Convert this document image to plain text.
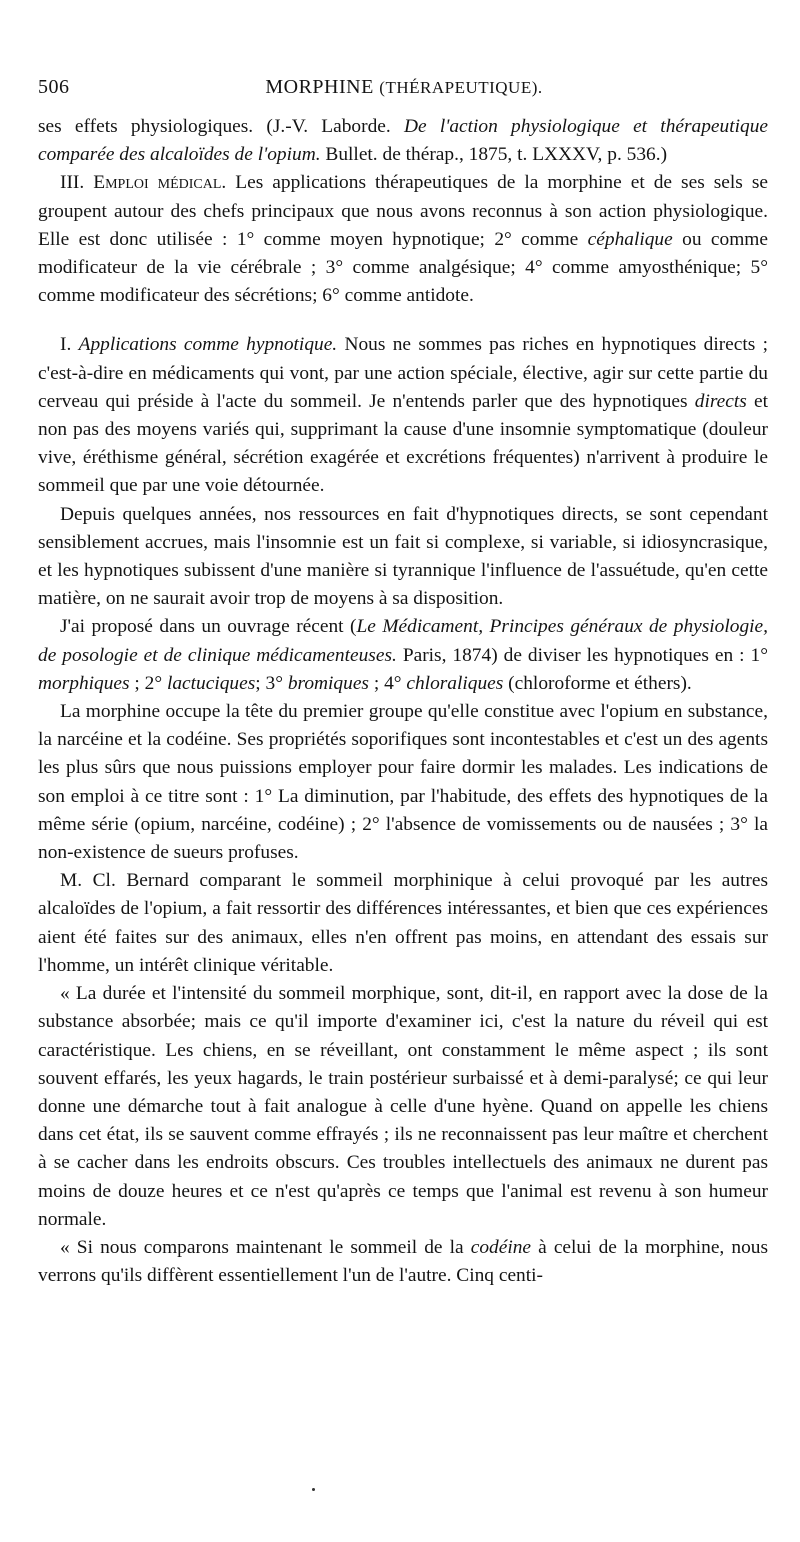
506	MORPHINE (THÉRAPEUTIQUE).

ses effets physiologiques. (J.-V. Laborde. De l'action physiologique et thérapeutique comparée des alcaloïdes de l'opium. Bullet. de thérap., 1875, t. LXXXV, p. 536.)

III. Emploi médical. Les applications thérapeutiques de la morphine et de ses sels se groupent autour des chefs principaux que nous avons reconnus à son action physiologique. Elle est donc utilisée : 1° comme moyen hypnotique; 2° comme céphalique ou comme modificateur de la vie cérébrale ; 3° comme analgésique; 4° comme amyosthénique; 5° comme modificateur des sécrétions; 6° comme antidote.

I. Applications comme hypnotique. Nous ne sommes pas riches en hypnotiques directs ; c'est-à-dire en médicaments qui vont, par une action spéciale, élective, agir sur cette partie du cerveau qui préside à l'acte du sommeil. Je n'entends parler que des hypnotiques directs et non pas des moyens variés qui, supprimant la cause d'une insomnie symptomatique (douleur vive, éréthisme général, sécrétion exagérée et excrétions fréquentes) n'arrivent à produire le sommeil que par une voie détournée.

Depuis quelques années, nos ressources en fait d'hypnotiques directs, se sont cependant sensiblement accrues, mais l'insomnie est un fait si complexe, si variable, si idiosyncrasique, et les hypnotiques subissent d'une manière si tyrannique l'influence de l'assuétude, qu'en cette matière, on ne saurait avoir trop de moyens à sa disposition.

J'ai proposé dans un ouvrage récent (Le Médicament, Principes généraux de physiologie, de posologie et de clinique médicamenteuses. Paris, 1874) de diviser les hypnotiques en : 1° morphiques ; 2° lactuciques; 3° bromiques ; 4° chloraliques (chloroforme et éthers).

La morphine occupe la tête du premier groupe qu'elle constitue avec l'opium en substance, la narcéine et la codéine. Ses propriétés soporifiques sont incontestables et c'est un des agents les plus sûrs que nous puissions employer pour faire dormir les malades. Les indications de son emploi à ce titre sont : 1° La diminution, par l'habitude, des effets des hypnotiques de la même série (opium, narcéine, codéine) ; 2° l'absence de vomissements ou de nausées ; 3° la non-existence de sueurs profuses.

M. Cl. Bernard comparant le sommeil morphinique à celui provoqué par les autres alcaloïdes de l'opium, a fait ressortir des différences intéressantes, et bien que ces expériences aient été faites sur des animaux, elles n'en offrent pas moins, en attendant des essais sur l'homme, un intérêt clinique véritable.

« La durée et l'intensité du sommeil morphique, sont, dit-il, en rapport avec la dose de la substance absorbée; mais ce qu'il importe d'examiner ici, c'est la nature du réveil qui est caractéristique. Les chiens, en se réveillant, ont constamment le même aspect ; ils sont souvent effarés, les yeux hagards, le train postérieur surbaissé et à demi-paralysé; ce qui leur donne une démarche tout à fait analogue à celle d'une hyène. Quand on appelle les chiens dans cet état, ils se sauvent comme effrayés ; ils ne reconnaissent pas leur maître et cherchent à se cacher dans les endroits obscurs. Ces troubles intellectuels des animaux ne durent pas moins de douze heures et ce n'est qu'après ce temps que l'animal est revenu à son humeur normale.

« Si nous comparons maintenant le sommeil de la codéine à celui de la morphine, nous verrons qu'ils diffèrent essentiellement l'un de l'autre. Cinq centi-
